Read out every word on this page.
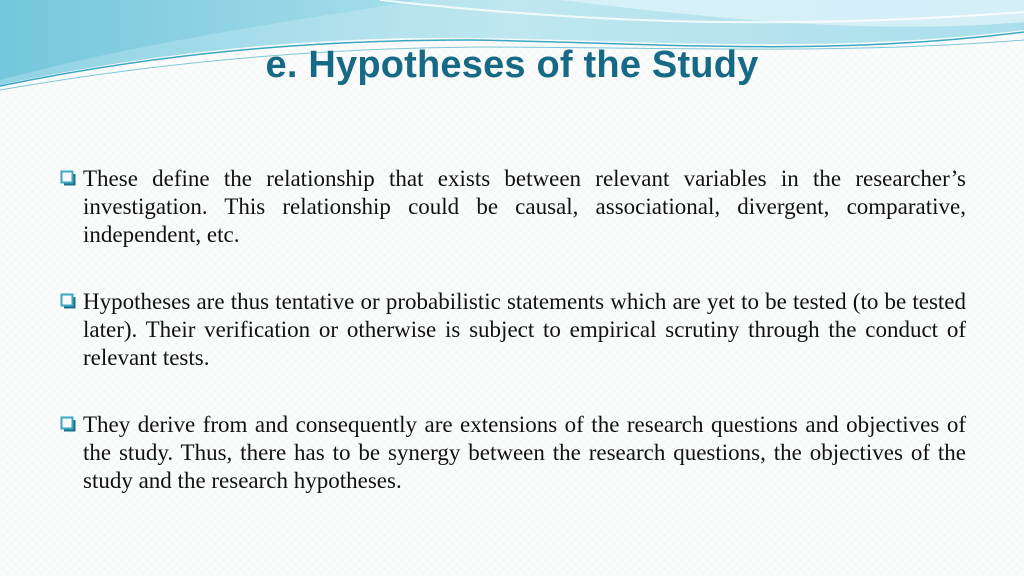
e. Hypotheses of the Study
These define the relationship that exists between relevant variables in the researcher’s investigation. This relationship could be causal, associational, divergent, comparative, independent, etc.
Hypotheses are thus tentative or probabilistic statements which are yet to be tested (to be tested later). Their verification or otherwise is subject to empirical scrutiny through the conduct of relevant tests.
They derive from and consequently are extensions of the research questions and objectives of the study. Thus, there has to be synergy between the research questions, the objectives of the study and the research hypotheses.
